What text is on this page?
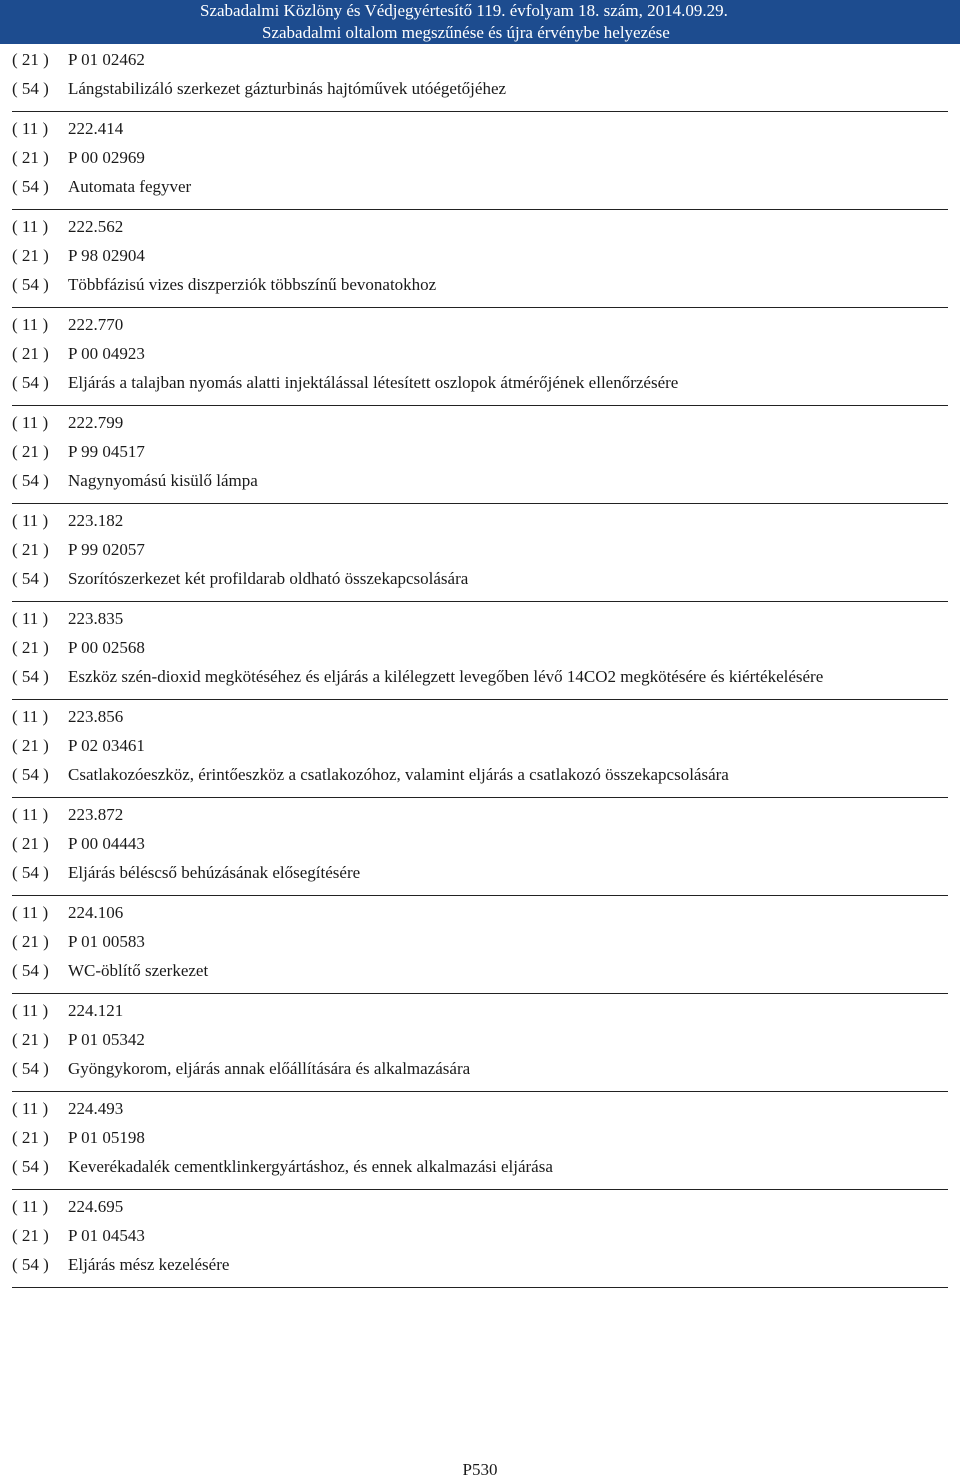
Szabadalmi Közlöny és Védjegyértesítő 119. évfolyam 18. szám, 2014.09.29.
Szabadalmi oltalom megszűnése és újra érvénybe helyezése
( 21 ) P 01 02462
( 54 ) Lángstabilizáló szerkezet gázturbinás hajtóművek utóégetőjéhez
( 11 ) 222.414
( 21 ) P 00 02969
( 54 ) Automata fegyver
( 11 ) 222.562
( 21 ) P 98 02904
( 54 ) Többfázisú vizes diszperziók többszínű bevonatokhoz
( 11 ) 222.770
( 21 ) P 00 04923
( 54 ) Eljárás a talajban nyomás alatti injektálással létesített oszlopok átmérőjének ellenőrzésére
( 11 ) 222.799
( 21 ) P 99 04517
( 54 ) Nagynyomású kisülő lámpa
( 11 ) 223.182
( 21 ) P 99 02057
( 54 ) Szorítószerkezet két profildarab oldható összekapcsolására
( 11 ) 223.835
( 21 ) P 00 02568
( 54 ) Eszköz szén-dioxid megkötéséhez és eljárás a kilélegzett levegőben lévő 14CO2 megkötésére és kiértékelésére
( 11 ) 223.856
( 21 ) P 02 03461
( 54 ) Csatlakozóeszköz, érintőeszköz a csatlakozóhoz, valamint eljárás a csatlakozó összekapcsolására
( 11 ) 223.872
( 21 ) P 00 04443
( 54 ) Eljárás béléscső behúzásának elősegítésére
( 11 ) 224.106
( 21 ) P 01 00583
( 54 ) WC-öblítő szerkezet
( 11 ) 224.121
( 21 ) P 01 05342
( 54 ) Gyöngykorom, eljárás annak előállítására és alkalmazására
( 11 ) 224.493
( 21 ) P 01 05198
( 54 ) Keverékadalék cementklinkergyártáshoz, és ennek alkalmazási eljárása
( 11 ) 224.695
( 21 ) P 01 04543
( 54 ) Eljárás mész kezelésére
P530
